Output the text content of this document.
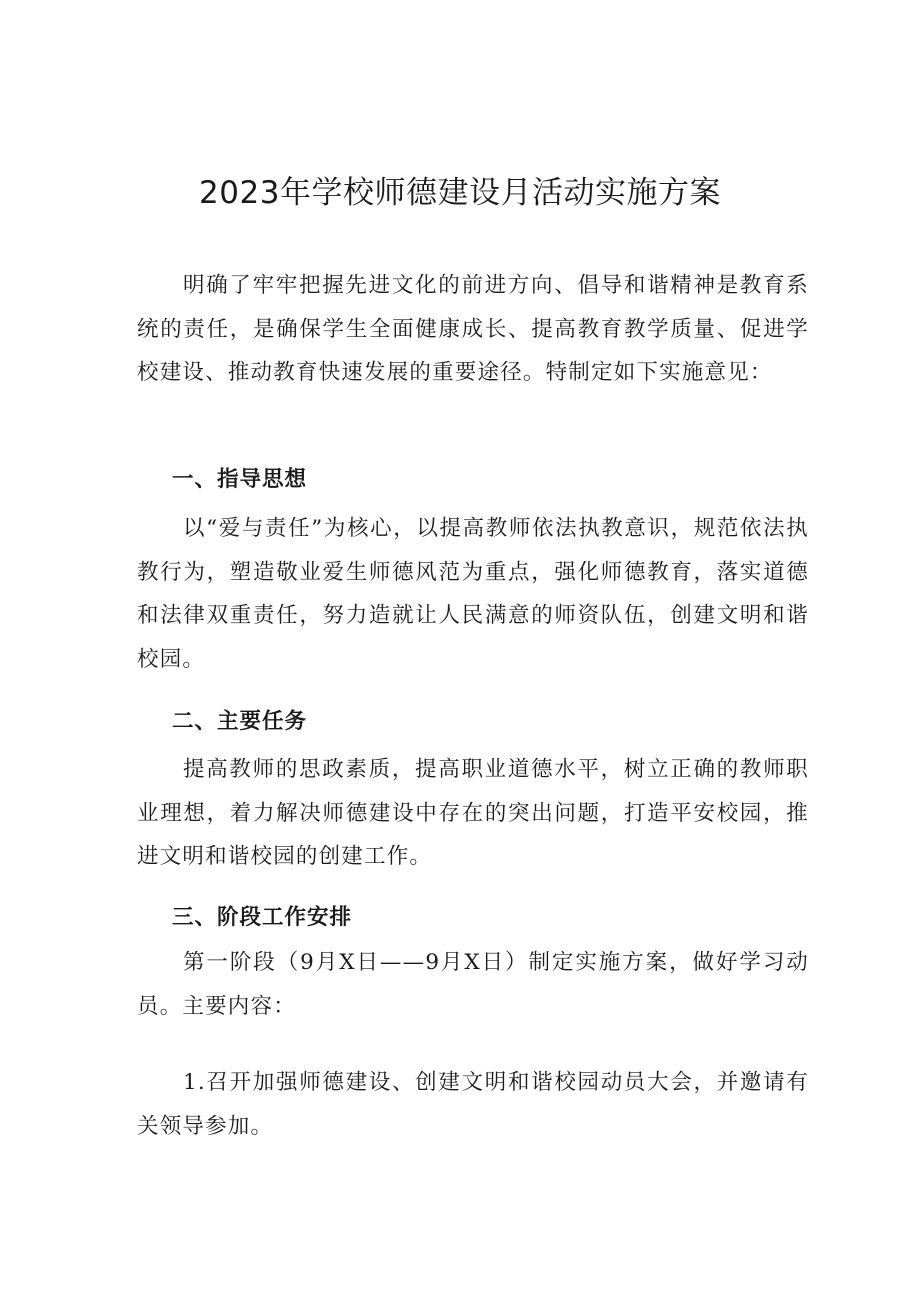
2023年学校师德建设月活动实施方案

明确了牢牢把握先进文化的前进方向、倡导和谐精神是教育系统的责任，是确保学生全面健康成长、提高教育教学质量、促进学校建设、推动教育快速发展的重要途径。特制定如下实施意见：

一、指导思想

以“爱与责任”为核心，以提高教师依法执教意识，规范依法执教行为，塑造敬业爱生师德风范为重点，强化师德教育，落实道德和法律双重责任，努力造就让人民满意的师资队伍，创建文明和谐校园。

二、主要任务

提高教师的思政素质，提高职业道德水平，树立正确的教师职业理想，着力解决师德建设中存在的突出问题，打造平安校园，推进文明和谐校园的创建工作。

三、阶段工作安排

第一阶段（9月X日——9月X日）制定实施方案，做好学习动员。主要内容：

1.召开加强师德建设、创建文明和谐校园动员大会，并邀请有关领导参加。
